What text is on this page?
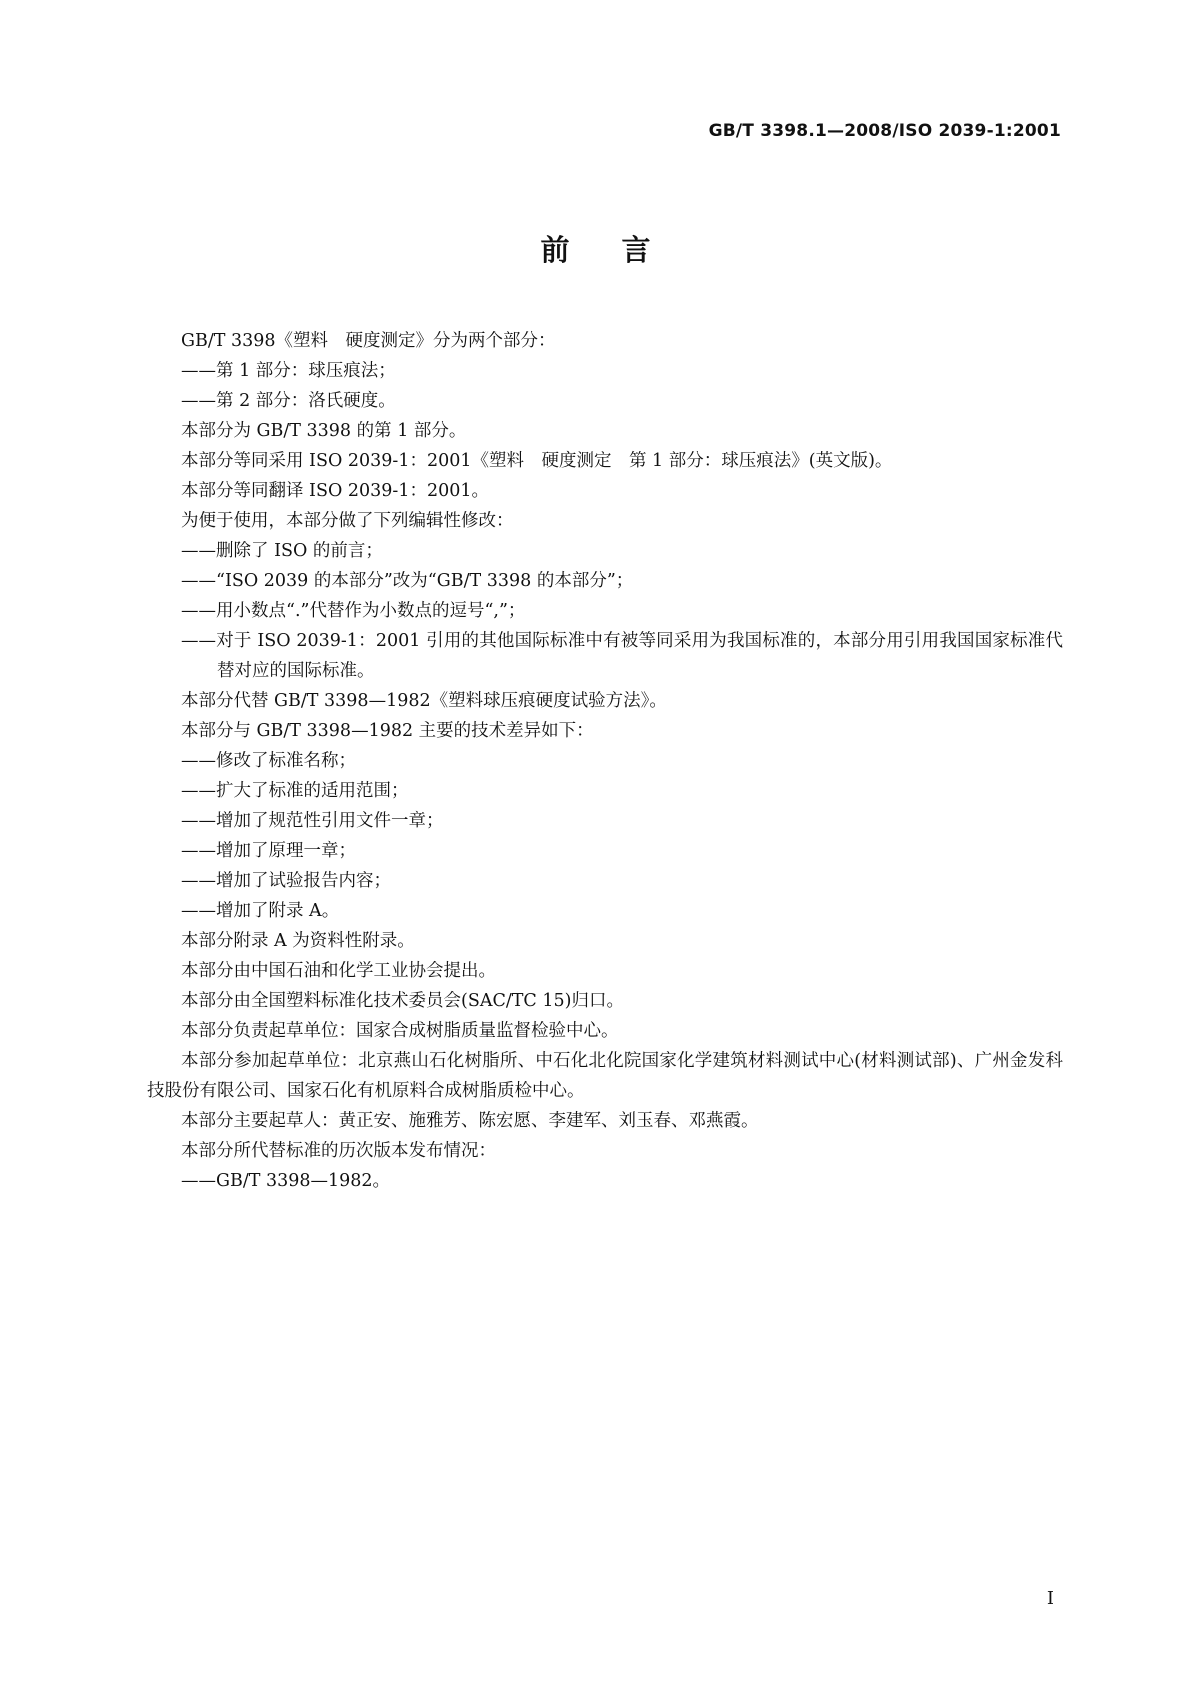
GB/T 3398.1—2008/ISO 2039-1:2001
前言

GB/T 3398《塑料　硬度测定》分为两个部分：

—— 第 1 部分：球压痕法；

—— 第 2 部分：洛氏硬度。

本部分为 GB/T 3398 的第 1 部分。

本部分等同采用 ISO 2039-1：2001《塑料　硬度测定　第 1 部分：球压痕法》(英文版)。

本部分等同翻译 ISO 2039-1：2001。

为便于使用，本部分做了下列编辑性修改：

—— 删除了 ISO 的前言；

—— “ISO 2039 的本部分”改为“GB/T 3398 的本部分”；

—— 用小数点“.”代替作为小数点的逗号“,”；

—— 对于 ISO 2039-1：2001 引用的其他国际标准中有被等同采用为我国标准的，本部分用引用我国国家标准代替对应的国际标准。

本部分代替 GB/T 3398—1982《塑料球压痕硬度试验方法》。

本部分与 GB/T 3398—1982 主要的技术差异如下：

—— 修改了标准名称；

—— 扩大了标准的适用范围；

—— 增加了规范性引用文件一章；

—— 增加了原理一章；

—— 增加了试验报告内容；

—— 增加了附录 A。

本部分附录 A 为资料性附录。

本部分由中国石油和化学工业协会提出。

本部分由全国塑料标准化技术委员会(SAC/TC 15)归口。

本部分负责起草单位：国家合成树脂质量监督检验中心。

本部分参加起草单位：北京燕山石化树脂所、中石化北化院国家化学建筑材料测试中心(材料测试部)、广州金发科技股份有限公司、国家石化有机原料合成树脂质检中心。

本部分主要起草人：黄正安、施雅芳、陈宏愿、李建军、刘玉春、邓燕霞。

本部分所代替标准的历次版本发布情况：

—— GB/T 3398—1982。

I
